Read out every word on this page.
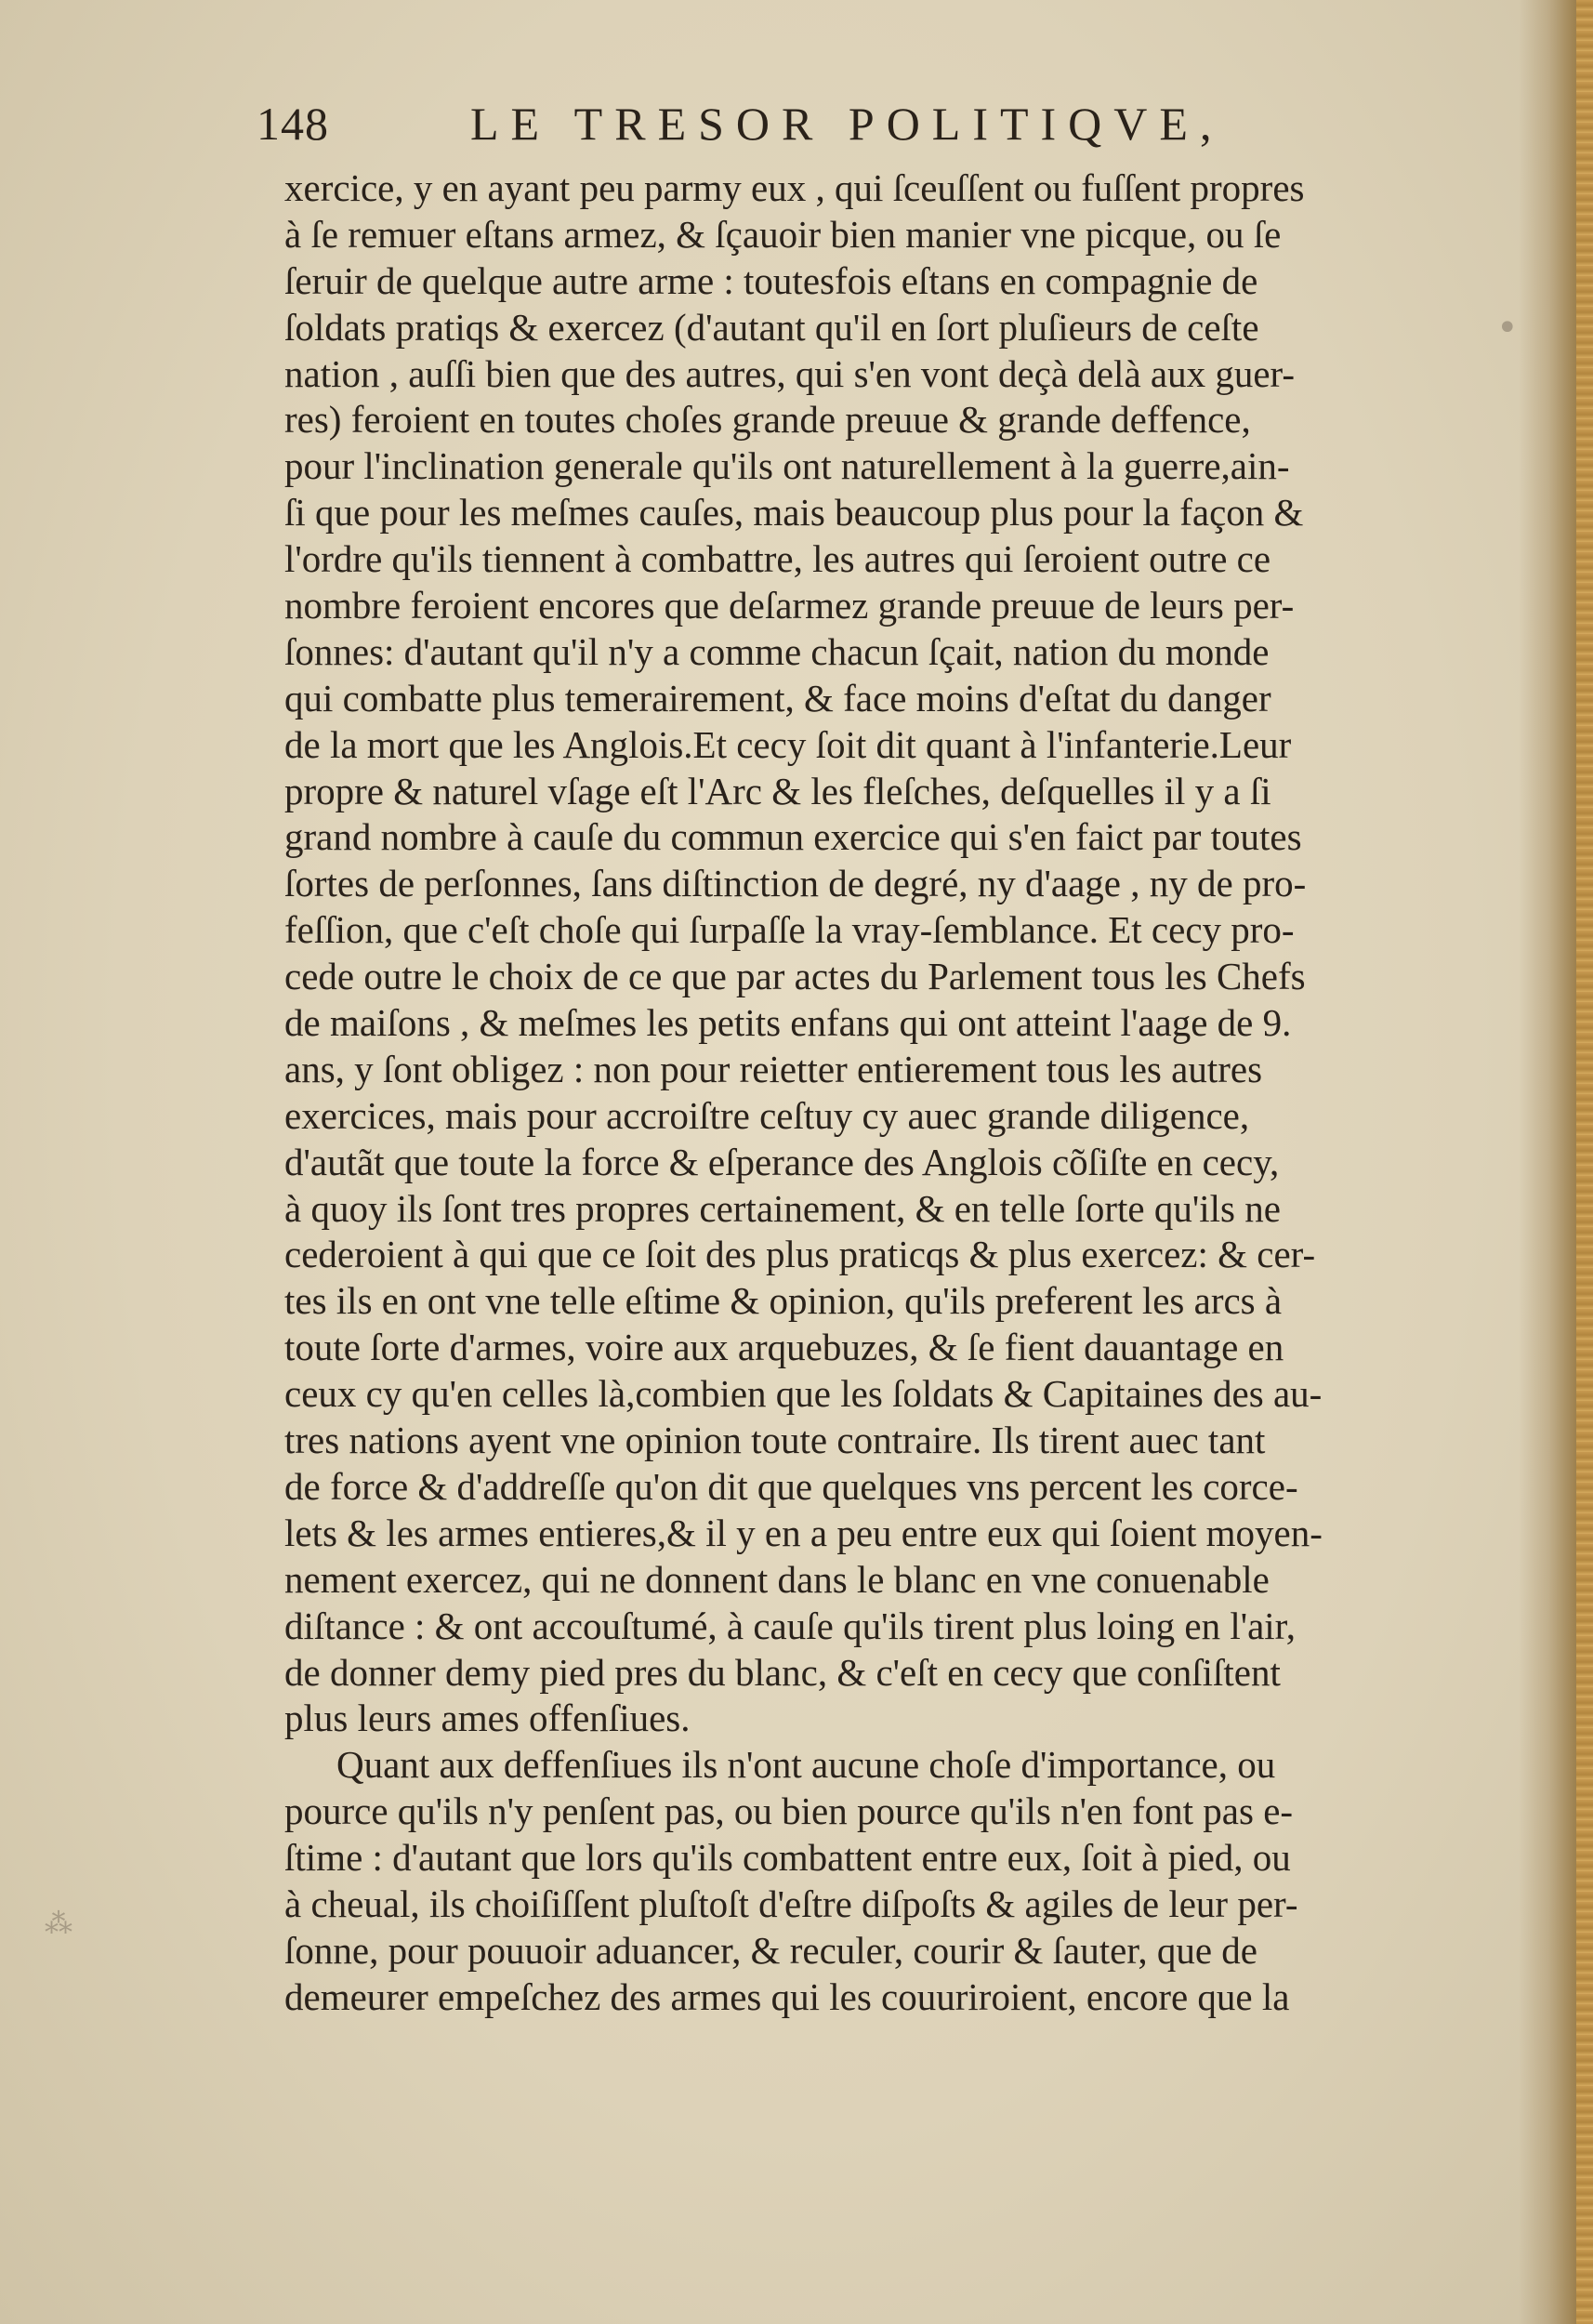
•
⁂
148	LE TRESOR POLITIQVE,
xercice, y en ayant peu parmy eux , qui ſceuſſent ou fuſſent propres
à ſe remuer eſtans armez, & ſçauoir bien manier vne picque, ou ſe
ſeruir de quelque autre arme : toutesfois eſtans en compagnie de
ſoldats pratiqs & exercez (d'autant qu'il en ſort pluſieurs de ceſte
nation , auſſi bien que des autres, qui s'en vont deçà delà aux guer-
res) feroient en toutes choſes grande preuue & grande deffence,
pour l'inclination generale qu'ils ont naturellement à la guerre,ain-
ſi que pour les meſmes cauſes, mais beaucoup plus pour la façon &
l'ordre qu'ils tiennent à combattre, les autres qui ſeroient outre ce
nombre feroient encores que deſarmez grande preuue de leurs per-
ſonnes: d'autant qu'il n'y a comme chacun ſçait, nation du monde
qui combatte plus temerairement, & face moins d'eſtat du danger
de la mort que les Anglois.Et cecy ſoit dit quant à l'infanterie.Leur
propre & naturel vſage eſt l'Arc & les fleſches, deſquelles il y a ſi
grand nombre à cauſe du commun exercice qui s'en faict par toutes
ſortes de perſonnes, ſans diſtinction de degré, ny d'aage , ny de pro-
feſſion, que c'eſt choſe qui ſurpaſſe la vray-ſemblance. Et cecy pro-
cede outre le choix de ce que par actes du Parlement tous les Chefs
de maiſons , & meſmes les petits enfans qui ont atteint l'aage de 9.
ans, y ſont obligez : non pour reietter entierement tous les autres
exercices, mais pour accroiſtre ceſtuy cy auec grande diligence,
d'autãt que toute la force & eſperance des Anglois cõſiſte en cecy,
à quoy ils ſont tres propres certainement, & en telle ſorte qu'ils ne
cederoient à qui que ce ſoit des plus praticqs & plus exercez: & cer-
tes ils en ont vne telle eſtime & opinion, qu'ils preferent les arcs à
toute ſorte d'armes, voire aux arquebuzes, & ſe fient dauantage en
ceux cy qu'en celles là,combien que les ſoldats & Capitaines des au-
tres nations ayent vne opinion toute contraire. Ils tirent auec tant
de force & d'addreſſe qu'on dit que quelques vns percent les corce-
lets & les armes entieres,& il y en a peu entre eux qui ſoient moyen-
nement exercez, qui ne donnent dans le blanc en vne conuenable
diſtance : & ont accouſtumé, à cauſe qu'ils tirent plus loing en l'air,
de donner demy pied pres du blanc, & c'eſt en cecy que conſiſtent
plus leurs ames offenſiues.
Quant aux deffenſiues ils n'ont aucune choſe d'importance, ou
pource qu'ils n'y penſent pas, ou bien pource qu'ils n'en font pas e-
ſtime : d'autant que lors qu'ils combattent entre eux, ſoit à pied, ou
à cheual, ils choiſiſſent pluſtoſt d'eſtre diſpoſts & agiles de leur per-
ſonne, pour pouuoir aduancer, & reculer, courir & ſauter, que de
demeurer empeſchez des armes qui les couuriroient, encore que la
